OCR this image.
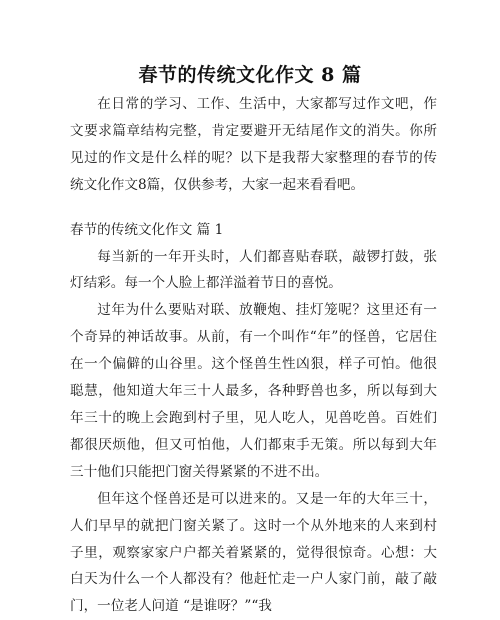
春节的传统文化作文 8 篇

在日常的学习、工作、生活中，大家都写过作文吧，作文要求篇章结构完整，肯定要避开无结尾作文的消失。你所见过的作文是什么样的呢？以下是我帮大家整理的春节的传统文化作文8篇，仅供参考，大家一起来看看吧。

春节的传统文化作文 篇 1

每当新的一年开头时，人们都喜贴春联，敲锣打鼓，张灯结彩。每一个人脸上都洋溢着节日的喜悦。

过年为什么要贴对联、放鞭炮、挂灯笼呢？这里还有一个奇异的神话故事。从前，有一个叫作“年”的怪兽，它居住在一个偏僻的山谷里。这个怪兽生性凶狠，样子可怕。他很聪慧，他知道大年三十人最多，各种野兽也多，所以每到大年三十的晚上会跑到村子里，见人吃人，见兽吃兽。百姓们都很厌烦他，但又可怕他，人们都束手无策。所以每到大年三十他们只能把门窗关得紧紧的不进不出。

但年这个怪兽还是可以进来的。又是一年的大年三十，人们早早的就把门窗关紧了。这时一个从外地来的人来到村子里，观察家家户户都关着紧紧的，觉得很惊奇。心想：大白天为什么一个人都没有？他赶忙走一户人家门前，敲了敲门，一位老人问道 “是谁呀？”“我
